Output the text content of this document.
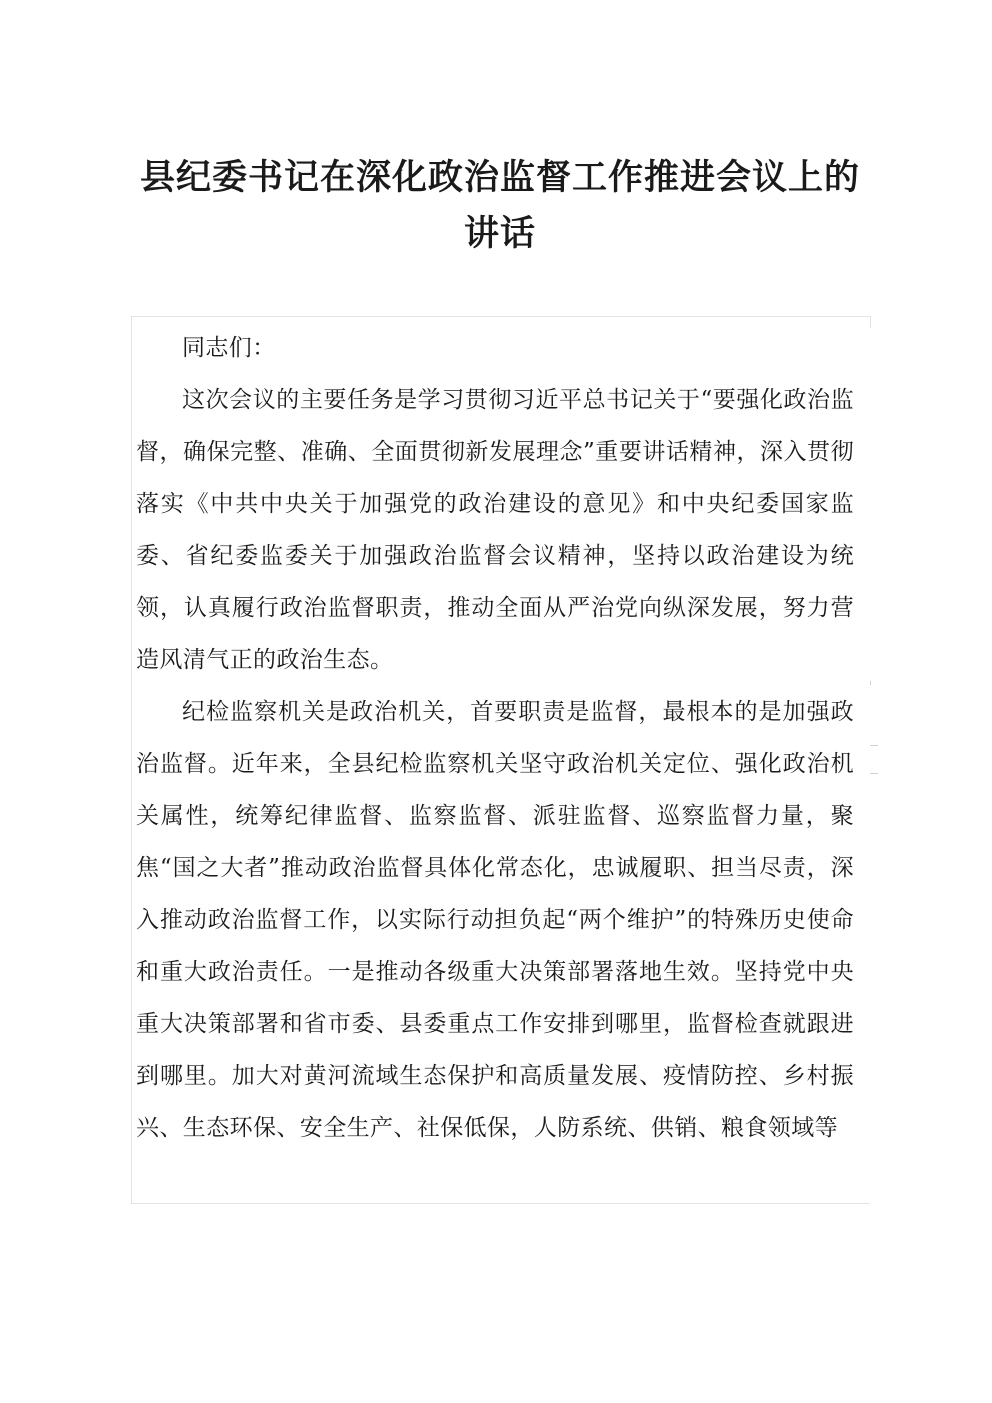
县纪委书记在深化政治监督工作推进会议上的讲话

同志们：

这次会议的主要任务是学习贯彻习近平总书记关于“要强化政治监督，确保完整、准确、全面贯彻新发展理念”重要讲话精神，深入贯彻落实《中共中央关于加强党的政治建设的意见》和中央纪委国家监委、省纪委监委关于加强政治监督会议精神，坚持以政治建设为统领，认真履行政治监督职责，推动全面从严治党向纵深发展，努力营造风清气正的政治生态。

纪检监察机关是政治机关，首要职责是监督，最根本的是加强政治监督。近年来，全县纪检监察机关坚守政治机关定位、强化政治机关属性，统筹纪律监督、监察监督、派驻监督、巡察监督力量，聚焦“国之大者”推动政治监督具体化常态化，忠诚履职、担当尽责，深入推动政治监督工作，以实际行动担负起“两个维护”的特殊历史使命和重大政治责任。一是推动各级重大决策部署落地生效。坚持党中央重大决策部署和省市委、县委重点工作安排到哪里，监督检查就跟进到哪里。加大对黄河流域生态保护和高质量发展、疫情防控、乡村振兴、生态环保、安全生产、社保低保，人防系统、供销、粮食领域等
